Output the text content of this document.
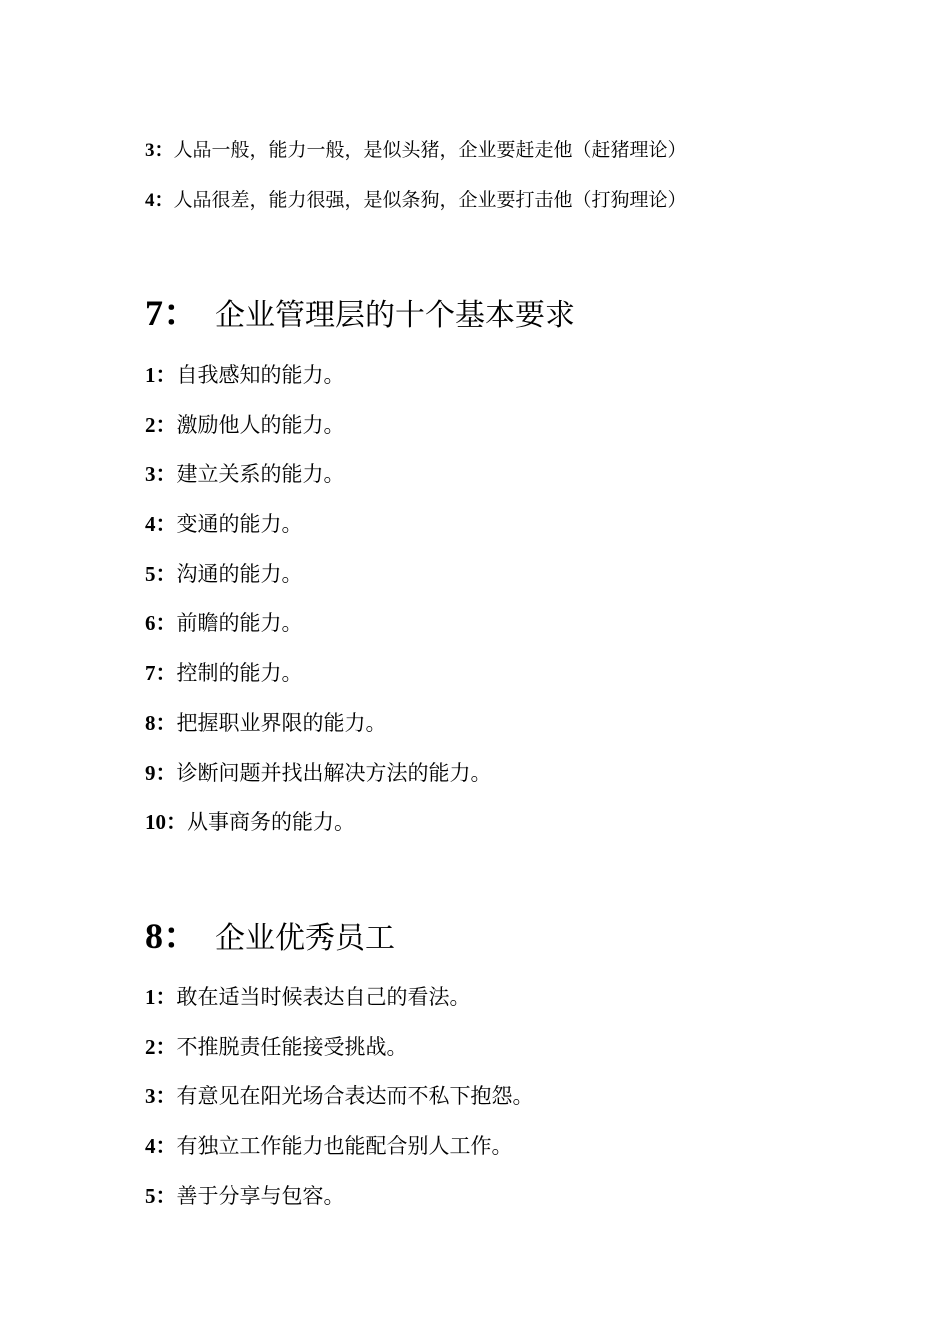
3：人品一般，能力一般，是似头猪，企业要赶走他（赶猪理论）
4：人品很差，能力很强，是似条狗，企业要打击他（打狗理论）
7： 企业管理层的十个基本要求
1：自我感知的能力。
2：激励他人的能力。
3：建立关系的能力。
4：变通的能力。
5：沟通的能力。
6：前瞻的能力。
7：控制的能力。
8：把握职业界限的能力。
9：诊断问题并找出解决方法的能力。
10：从事商务的能力。
8： 企业优秀员工
1：敢在适当时候表达自己的看法。
2：不推脱责任能接受挑战。
3：有意见在阳光场合表达而不私下抱怨。
4：有独立工作能力也能配合别人工作。
5：善于分享与包容。
